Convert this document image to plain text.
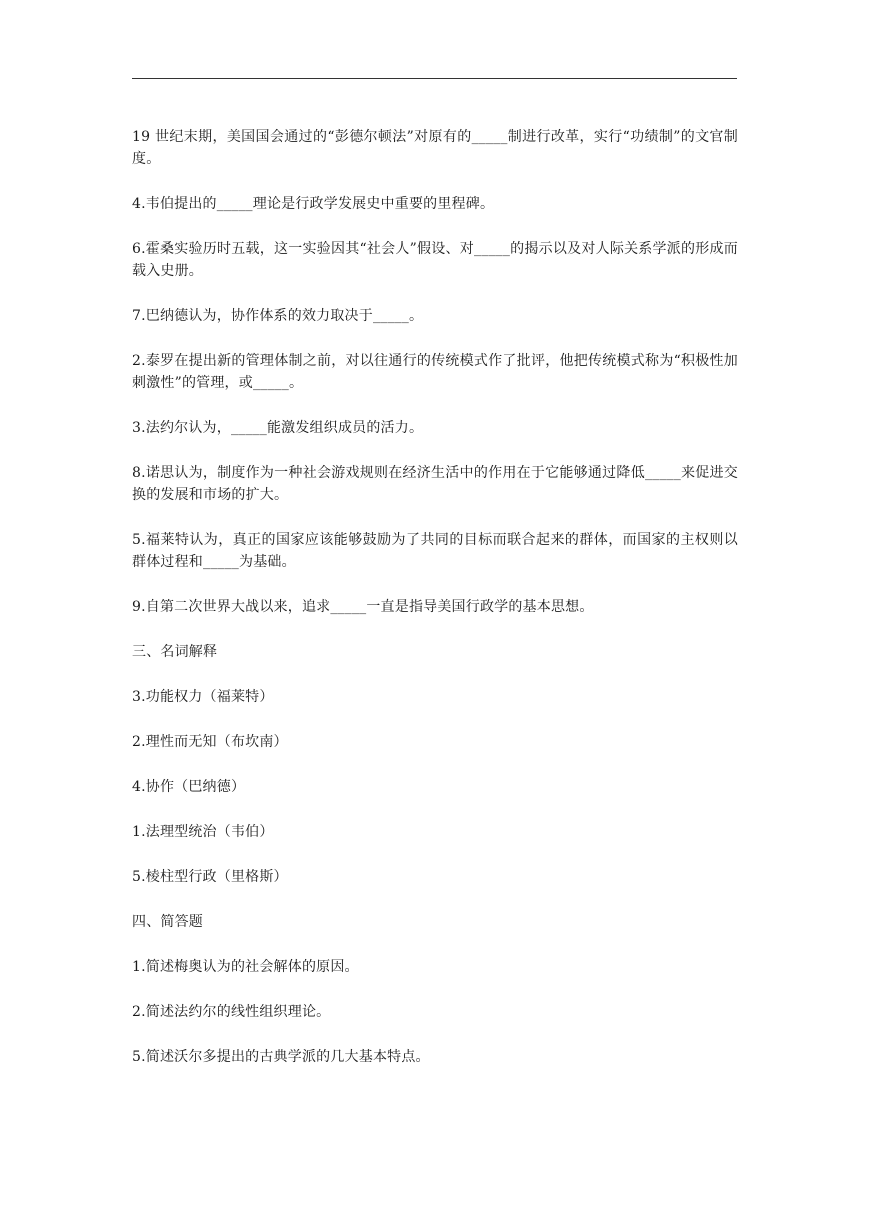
19 世纪末期，美国国会通过的“彭德尔顿法”对原有的_____制进行改革，实行“功绩制”的文官制度。

4.韦伯提出的_____理论是行政学发展史中重要的里程碑。

6.霍桑实验历时五载，这一实验因其“社会人”假设、对_____的揭示以及对人际关系学派的形成而载入史册。

7.巴纳德认为，协作体系的效力取决于_____。

2.泰罗在提出新的管理体制之前，对以往通行的传统模式作了批评，他把传统模式称为“积极性加刺激性”的管理，或_____。

3.法约尔认为，_____能激发组织成员的活力。

8.诺思认为，制度作为一种社会游戏规则在经济生活中的作用在于它能够通过降低_____来促进交换的发展和市场的扩大。

5.福莱特认为，真正的国家应该能够鼓励为了共同的目标而联合起来的群体，而国家的主权则以群体过程和_____为基础。

9.自第二次世界大战以来，追求_____一直是指导美国行政学的基本思想。

三、名词解释

3.功能权力（福莱特）

2.理性而无知（布坎南）

4.协作（巴纳德）

1.法理型统治（韦伯）

5.棱柱型行政（里格斯）

四、简答题

1.简述梅奥认为的社会解体的原因。

2.简述法约尔的线性组织理论。

5.简述沃尔多提出的古典学派的几大基本特点。
